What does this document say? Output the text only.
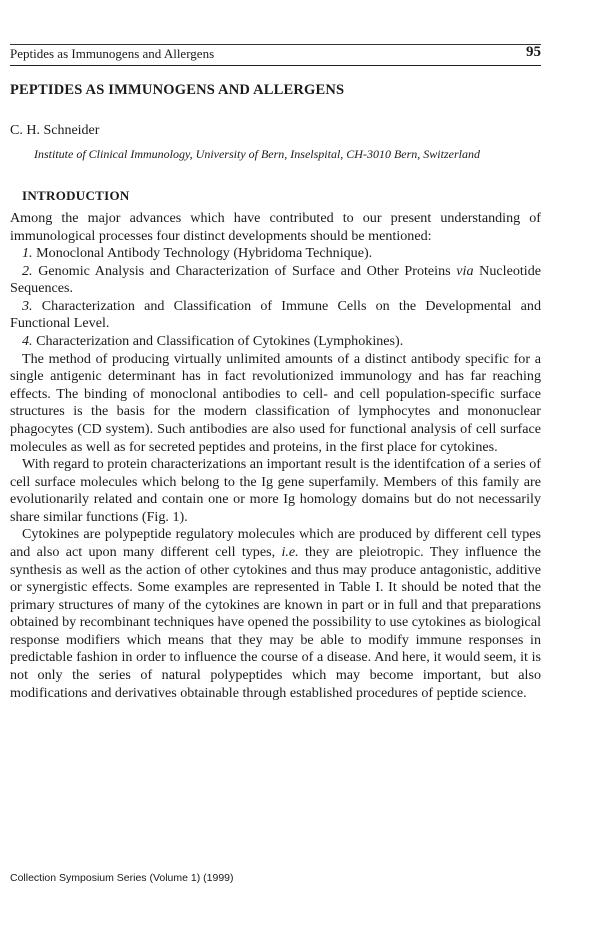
Peptides as Immunogens and Allergens	95
PEPTIDES AS IMMUNOGENS AND ALLERGENS
C. H. Schneider
Institute of Clinical Immunology, University of Bern, Inselspital, CH-3010 Bern, Switzerland
INTRODUCTION

Among the major advances which have contributed to our present understanding of immunological processes four distinct developments should be mentioned:

1. Monoclonal Antibody Technology (Hybridoma Technique).

2. Genomic Analysis and Characterization of Surface and Other Proteins via Nucleotide Sequences.

3. Characterization and Classification of Immune Cells on the Developmental and Functional Level.

4. Characterization and Classification of Cytokines (Lymphokines).

The method of producing virtually unlimited amounts of a distinct antibody specific for a single antigenic determinant has in fact revolutionized immunology and has far reaching effects. The binding of monoclonal antibodies to cell- and cell population-specific surface structures is the basis for the modern classification of lymphocytes and mononuclear phagocytes (CD system). Such antibodies are also used for functional analysis of cell surface molecules as well as for secreted peptides and proteins, in the first place for cytokines.

With regard to protein characterizations an important result is the identifcation of a series of cell surface molecules which belong to the Ig gene superfamily. Members of this family are evolutionarily related and contain one or more Ig homology domains but do not necessarily share similar functions (Fig. 1).

Cytokines are polypeptide regulatory molecules which are produced by different cell types and also act upon many different cell types, i.e. they are pleiotropic. They influence the synthesis as well as the action of other cytokines and thus may produce antagonistic, additive or synergistic effects. Some examples are represented in Table I. It should be noted that the primary structures of many of the cytokines are known in part or in full and that preparations obtained by recombinant techniques have opened the possibility to use cytokines as biological response modifiers which means that they may be able to modify immune responses in predictable fashion in order to influence the course of a disease. And here, it would seem, it is not only the series of natural polypeptides which may become important, but also modifications and derivatives obtainable through established procedures of peptide science.

Collection Symposium Series (Volume 1) (1999)
